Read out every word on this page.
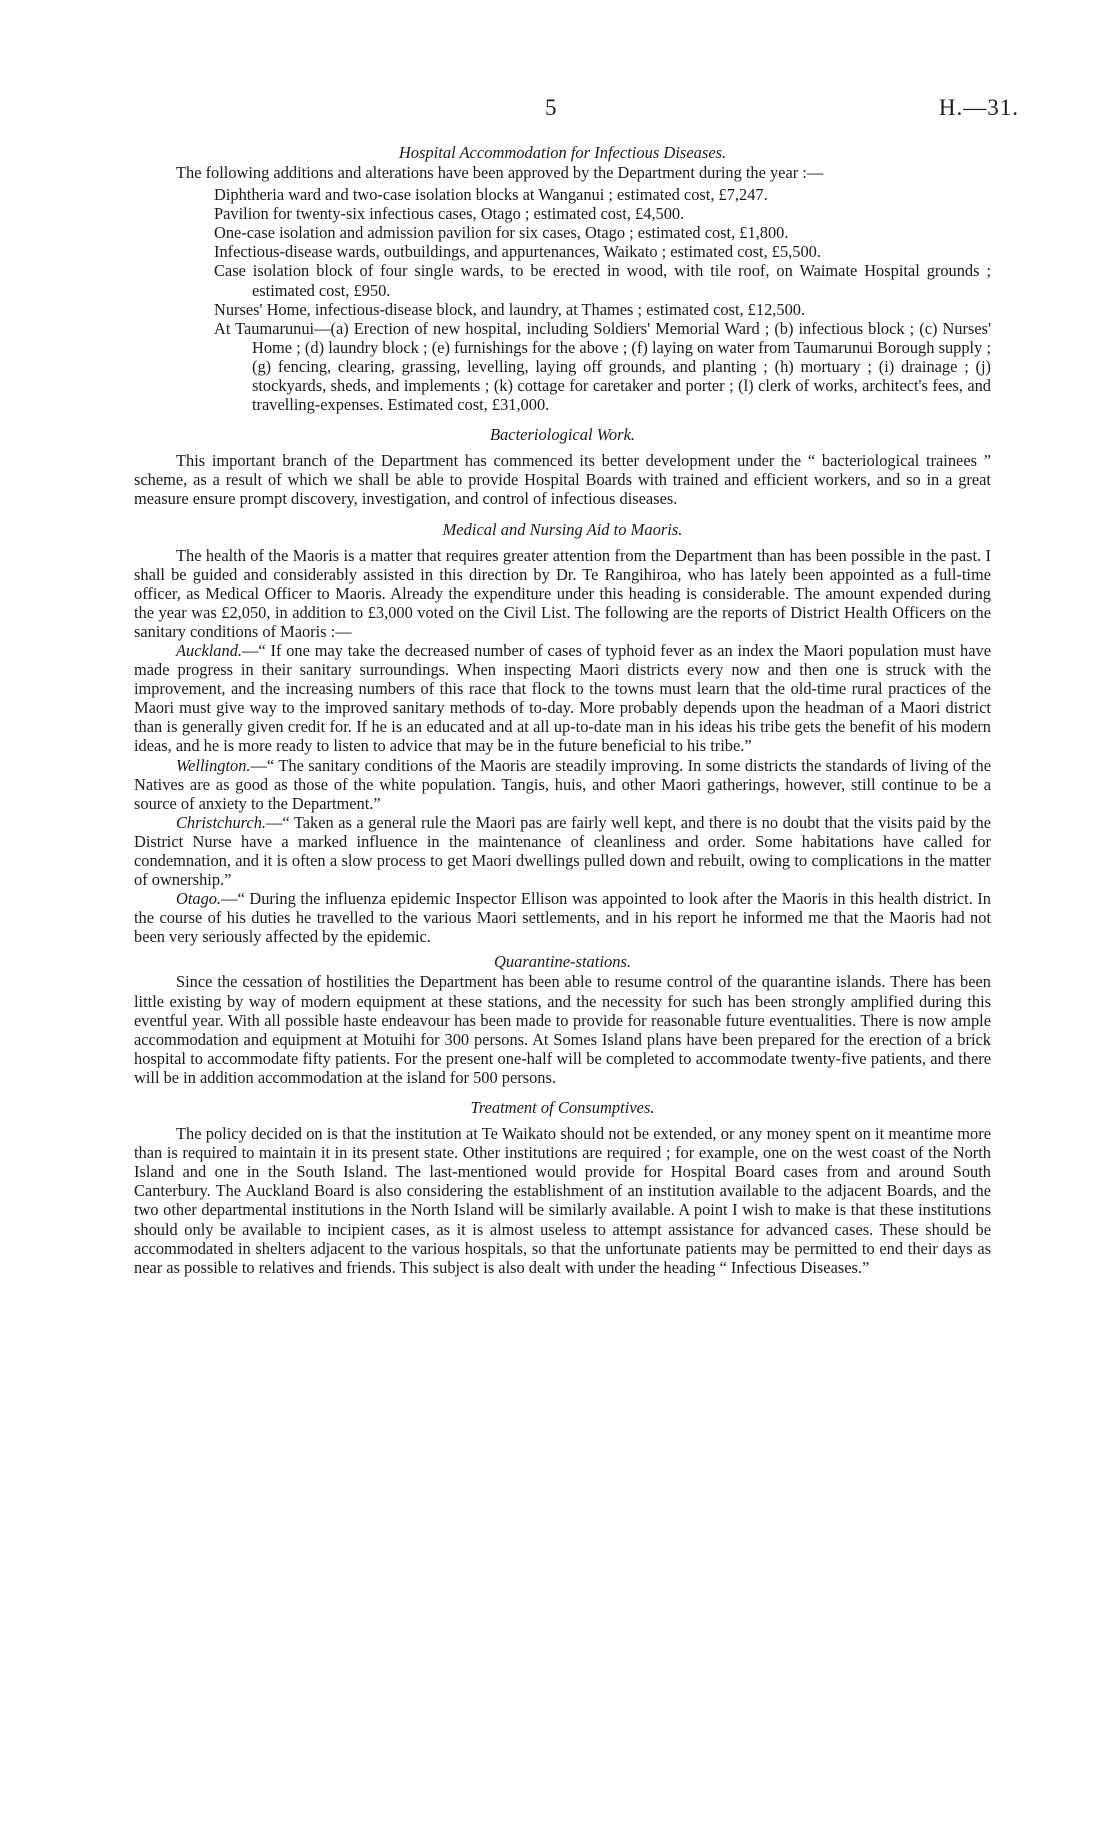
5	H.—31.
Hospital Accommodation for Infectious Diseases.

The following additions and alterations have been approved by the Department during the year :—

Diphtheria ward and two-case isolation blocks at Wanganui ; estimated cost, £7,247.
Pavilion for twenty-six infectious cases, Otago ; estimated cost, £4,500.
One-case isolation and admission pavilion for six cases, Otago ; estimated cost, £1,800.
Infectious-disease wards, outbuildings, and appurtenances, Waikato ; estimated cost, £5,500.
Case isolation block of four single wards, to be erected in wood, with tile roof, on Waimate Hospital grounds ; estimated cost, £950.
Nurses' Home, infectious-disease block, and laundry, at Thames ; estimated cost, £12,500.
At Taumarunui—(a) Erection of new hospital, including Soldiers' Memorial Ward ; (b) infectious block ; (c) Nurses' Home ; (d) laundry block ; (e) furnishings for the above ; (f) laying on water from Taumarunui Borough supply ; (g) fencing, clearing, grassing, levelling, laying off grounds, and planting ; (h) mortuary ; (i) drainage ; (j) stockyards, sheds, and implements ; (k) cottage for caretaker and porter ; (l) clerk of works, architect's fees, and travelling-expenses. Estimated cost, £31,000.
Bacteriological Work.

This important branch of the Department has commenced its better development under the “ bacteriological trainees ” scheme, as a result of which we shall be able to provide Hospital Boards with trained and efficient workers, and so in a great measure ensure prompt discovery, investigation, and control of infectious diseases.

Medical and Nursing Aid to Maoris.

The health of the Maoris is a matter that requires greater attention from the Department than has been possible in the past. I shall be guided and considerably assisted in this direction by Dr. Te Rangihiroa, who has lately been appointed as a full-time officer, as Medical Officer to Maoris. Already the expenditure under this heading is considerable. The amount expended during the year was £2,050, in addition to £3,000 voted on the Civil List. The following are the reports of District Health Officers on the sanitary conditions of Maoris :—

Auckland.—“ If one may take the decreased number of cases of typhoid fever as an index the Maori population must have made progress in their sanitary surroundings. When inspecting Maori districts every now and then one is struck with the improvement, and the increasing numbers of this race that flock to the towns must learn that the old-time rural practices of the Maori must give way to the improved sanitary methods of to-day. More probably depends upon the headman of a Maori district than is generally given credit for. If he is an educated and at all up-to-date man in his ideas his tribe gets the benefit of his modern ideas, and he is more ready to listen to advice that may be in the future beneficial to his tribe.”

Wellington.—“ The sanitary conditions of the Maoris are steadily improving. In some districts the standards of living of the Natives are as good as those of the white population. Tangis, huis, and other Maori gatherings, however, still continue to be a source of anxiety to the Department.”

Christchurch.—“ Taken as a general rule the Maori pas are fairly well kept, and there is no doubt that the visits paid by the District Nurse have a marked influence in the maintenance of cleanliness and order. Some habitations have called for condemnation, and it is often a slow process to get Maori dwellings pulled down and rebuilt, owing to complications in the matter of ownership.”

Otago.—“ During the influenza epidemic Inspector Ellison was appointed to look after the Maoris in this health district. In the course of his duties he travelled to the various Maori settlements, and in his report he informed me that the Maoris had not been very seriously affected by the epidemic.

Quarantine-stations.

Since the cessation of hostilities the Department has been able to resume control of the quarantine islands. There has been little existing by way of modern equipment at these stations, and the necessity for such has been strongly amplified during this eventful year. With all possible haste endeavour has been made to provide for reasonable future eventualities. There is now ample accommodation and equipment at Motuihi for 300 persons. At Somes Island plans have been prepared for the erection of a brick hospital to accommodate fifty patients. For the present one-half will be completed to accommodate twenty-five patients, and there will be in addition accommodation at the island for 500 persons.

Treatment of Consumptives.

The policy decided on is that the institution at Te Waikato should not be extended, or any money spent on it meantime more than is required to maintain it in its present state. Other institutions are required ; for example, one on the west coast of the North Island and one in the South Island. The last-mentioned would provide for Hospital Board cases from and around South Canterbury. The Auckland Board is also considering the establishment of an institution available to the adjacent Boards, and the two other departmental institutions in the North Island will be similarly available. A point I wish to make is that these institutions should only be available to incipient cases, as it is almost useless to attempt assistance for advanced cases. These should be accommodated in shelters adjacent to the various hospitals, so that the unfortunate patients may be permitted to end their days as near as possible to relatives and friends. This subject is also dealt with under the heading “ Infectious Diseases.”
